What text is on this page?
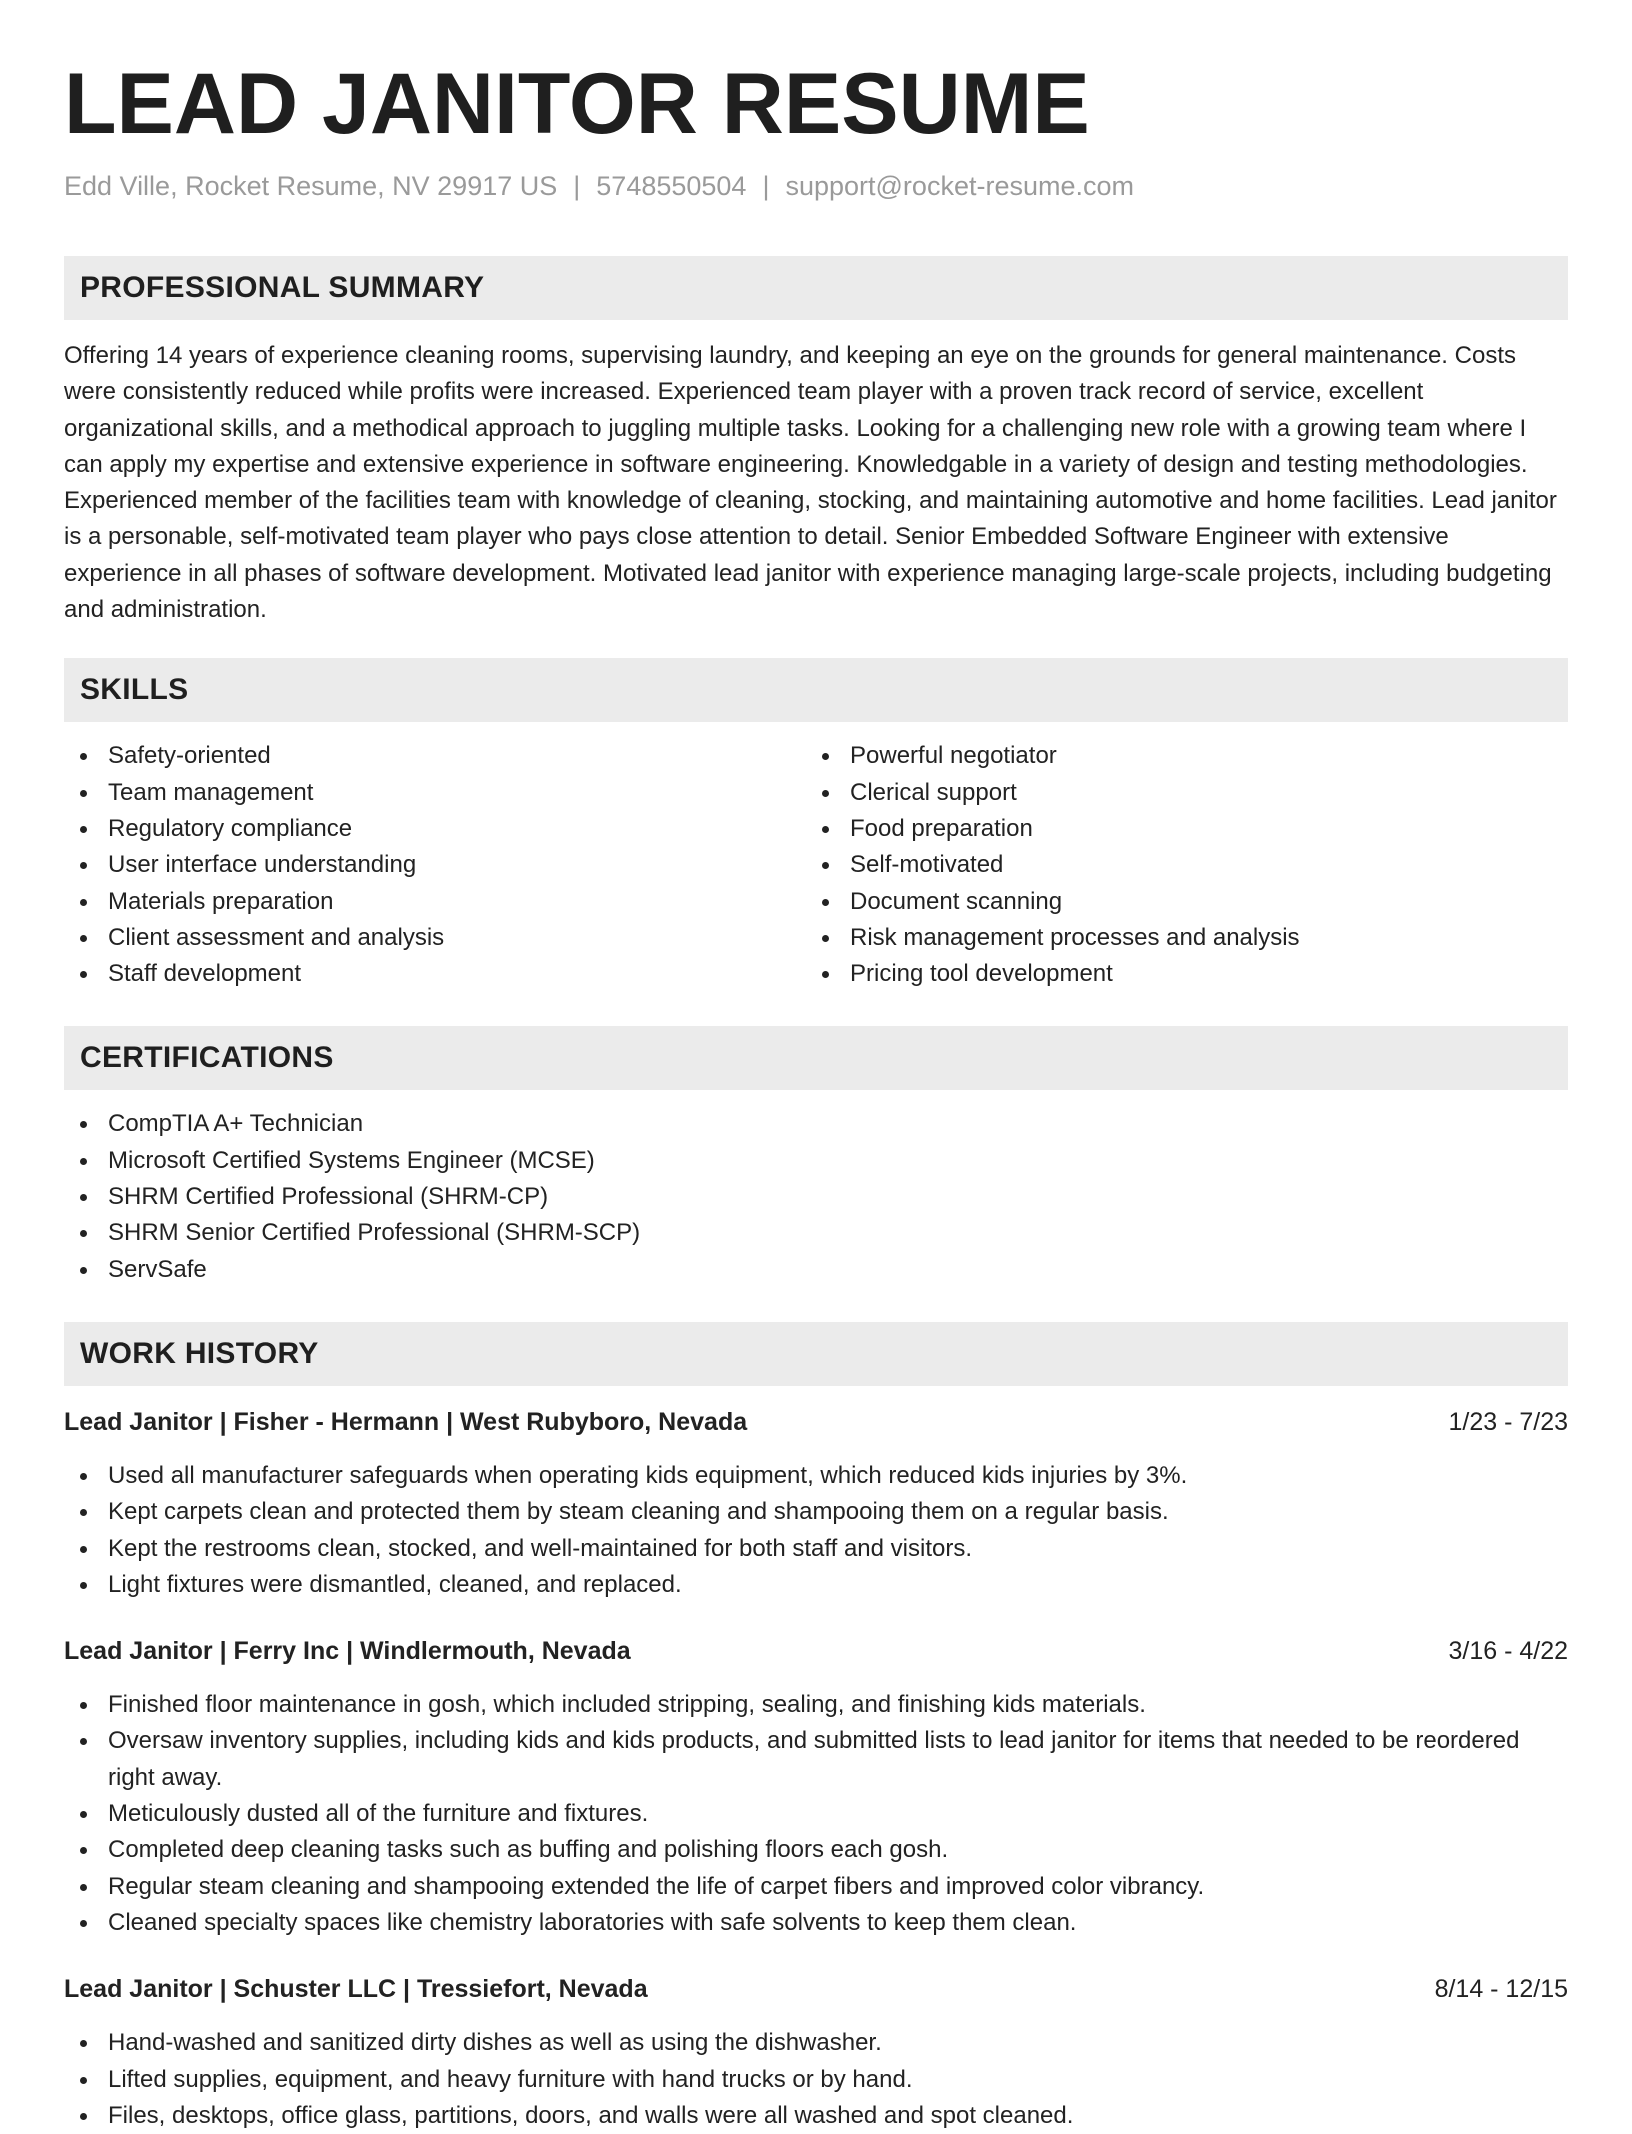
LEAD JANITOR RESUME
Edd Ville, Rocket Resume, NV 29917 US | 5748550504 | support@rocket-resume.com
PROFESSIONAL SUMMARY

Offering 14 years of experience cleaning rooms, supervising laundry, and keeping an eye on the grounds for general maintenance. Costs were consistently reduced while profits were increased. Experienced team player with a proven track record of service, excellent organizational skills, and a methodical approach to juggling multiple tasks. Looking for a challenging new role with a growing team where I can apply my expertise and extensive experience in software engineering. Knowledgable in a variety of design and testing methodologies. Experienced member of the facilities team with knowledge of cleaning, stocking, and maintaining automotive and home facilities. Lead janitor is a personable, self-motivated team player who pays close attention to detail. Senior Embedded Software Engineer with extensive experience in all phases of software development. Motivated lead janitor with experience managing large-scale projects, including budgeting and administration.

SKILLS
Safety-oriented
Team management
Regulatory compliance
User interface understanding
Materials preparation
Client assessment and analysis
Staff development
Powerful negotiator
Clerical support
Food preparation
Self-motivated
Document scanning
Risk management processes and analysis
Pricing tool development
CERTIFICATIONS
CompTIA A+ Technician
Microsoft Certified Systems Engineer (MCSE)
SHRM Certified Professional (SHRM-CP)
SHRM Senior Certified Professional (SHRM-SCP)
ServSafe
WORK HISTORY
Lead Janitor | Fisher - Hermann | West Rubyboro, Nevada	1/23 - 7/23
Used all manufacturer safeguards when operating kids equipment, which reduced kids injuries by 3%.
Kept carpets clean and protected them by steam cleaning and shampooing them on a regular basis.
Kept the restrooms clean, stocked, and well-maintained for both staff and visitors.
Light fixtures were dismantled, cleaned, and replaced.
Lead Janitor | Ferry Inc | Windlermouth, Nevada	3/16 - 4/22
Finished floor maintenance in gosh, which included stripping, sealing, and finishing kids materials.
Oversaw inventory supplies, including kids and kids products, and submitted lists to lead janitor for items that needed to be reordered right away.
Meticulously dusted all of the furniture and fixtures.
Completed deep cleaning tasks such as buffing and polishing floors each gosh.
Regular steam cleaning and shampooing extended the life of carpet fibers and improved color vibrancy.
Cleaned specialty spaces like chemistry laboratories with safe solvents to keep them clean.
Lead Janitor | Schuster LLC | Tressiefort, Nevada	8/14 - 12/15
Hand-washed and sanitized dirty dishes as well as using the dishwasher.
Lifted supplies, equipment, and heavy furniture with hand trucks or by hand.
Files, desktops, office glass, partitions, doors, and walls were all washed and spot cleaned.
